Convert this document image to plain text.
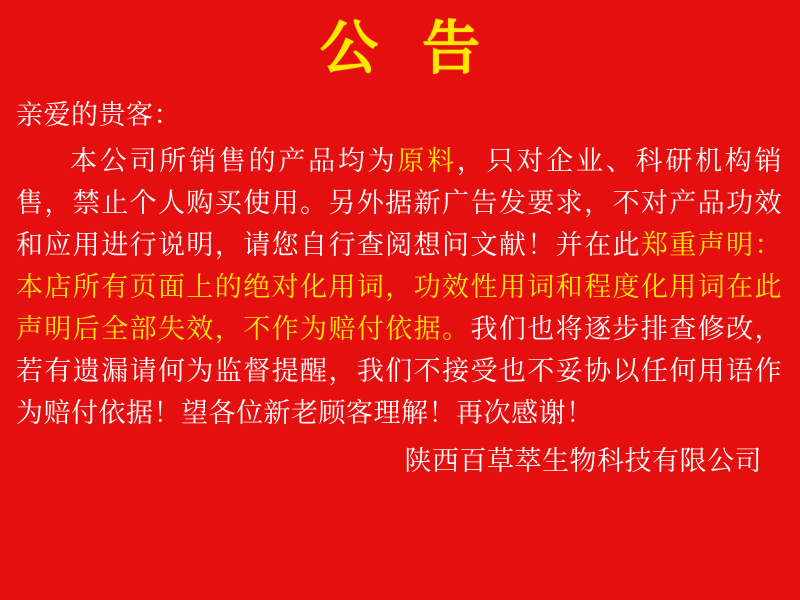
公 告

亲爱的贵客：

本公司所销售的产品均为原料，只对企业、科研机构销售，禁止个人购买使用。另外据新广告发要求，不对产品功效和应用进行说明，请您自行查阅想问文献！并在此郑重声明：本店所有页面上的绝对化用词，功效性用词和程度化用词在此声明后全部失效，不作为赔付依据。我们也将逐步排查修改，若有遗漏请何为监督提醒，我们不接受也不妥协以任何用语作为赔付依据！望各位新老顾客理解！再次感谢！

陕西百草萃生物科技有限公司
